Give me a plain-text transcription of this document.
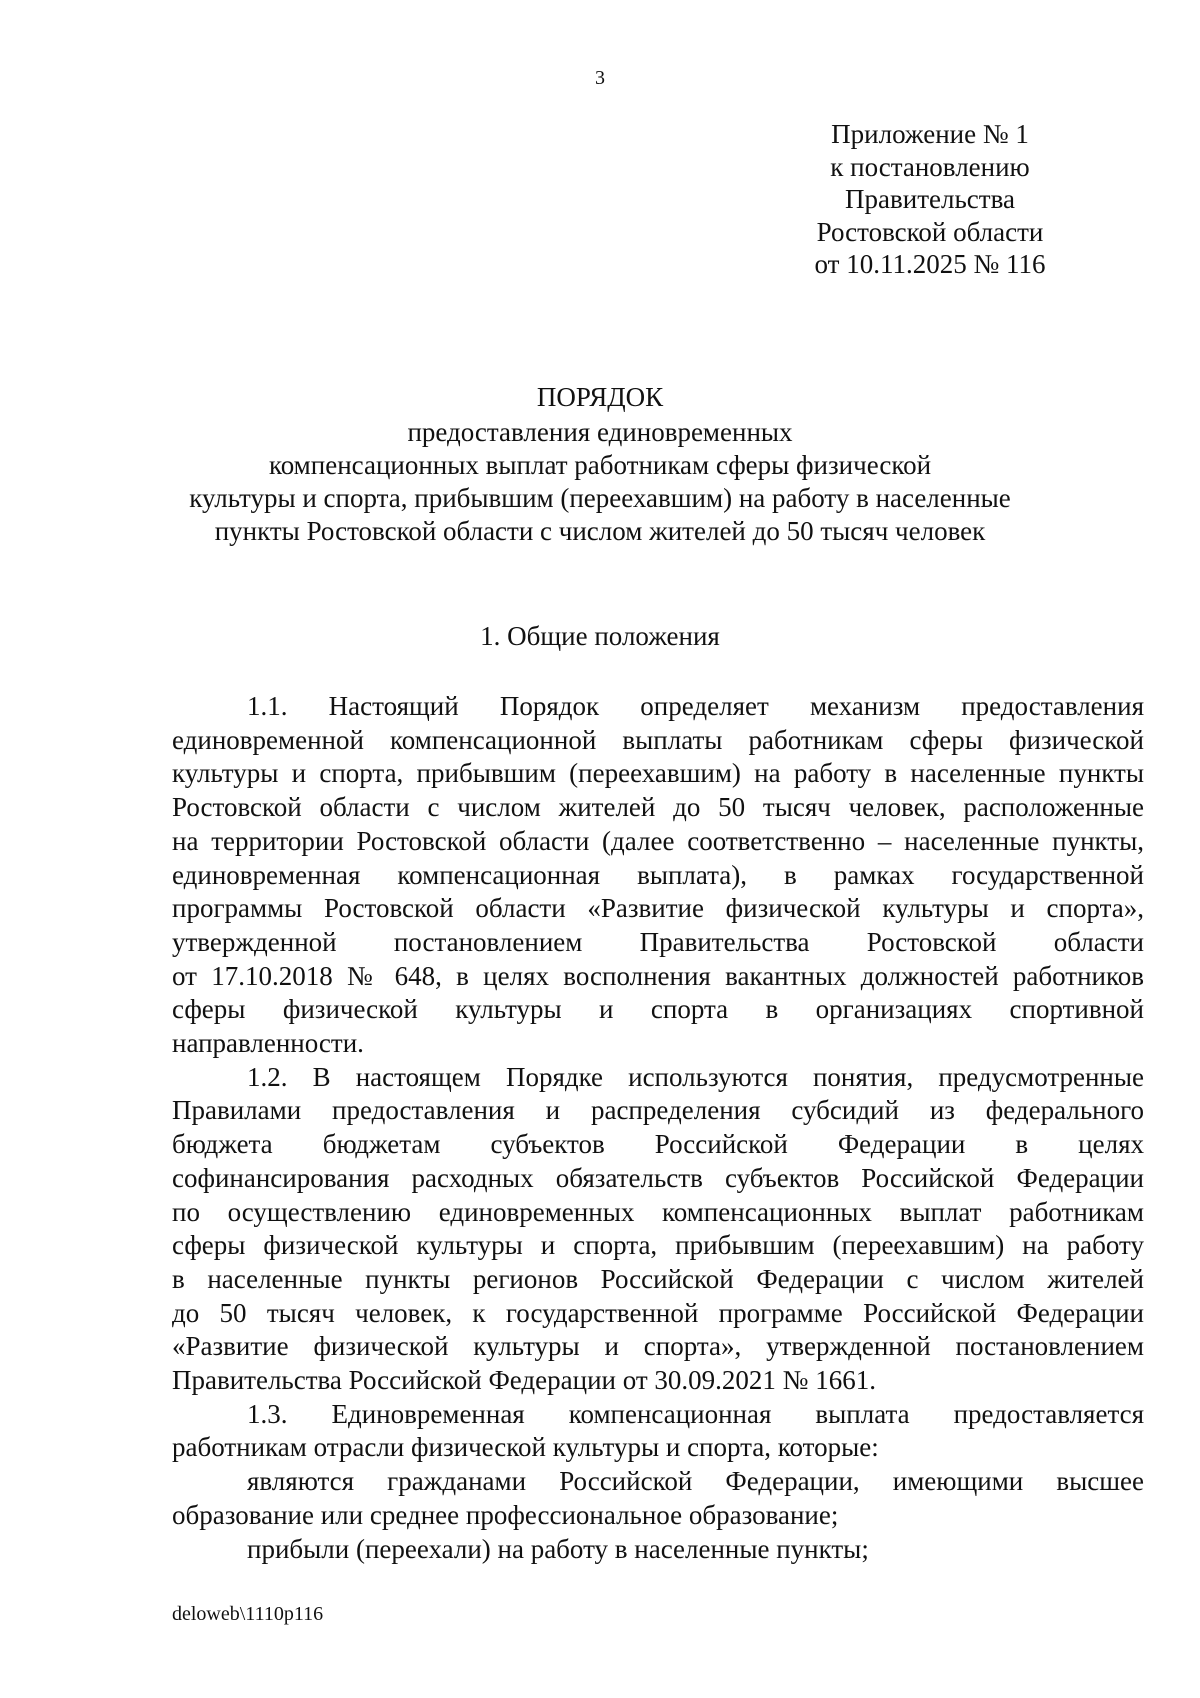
3
Приложение № 1
к постановлению
Правительства
Ростовской области
от 10.11.2025 № 116
ПОРЯДОК
предоставления единовременных
компенсационных выплат работникам сферы физической
культуры и спорта, прибывшим (переехавшим) на работу в населенные
пункты Ростовской области с числом жителей до 50 тысяч человек
1. Общие положения
1.1. Настоящий Порядок определяет механизм предоставления
единовременной компенсационной выплаты работникам сферы физической
культуры и спорта, прибывшим (переехавшим) на работу в населенные пункты
Ростовской области с числом жителей до 50 тысяч человек, расположенные
на территории Ростовской области (далее соответственно – населенные пункты,
единовременная компенсационная выплата), в рамках государственной
программы Ростовской области «Развитие физической культуры и спорта»,
утвержденной постановлением Правительства Ростовской области
от 17.10.2018 № 648, в целях восполнения вакантных должностей работников
сферы физической культуры и спорта в организациях спортивной
направленности.
1.2. В настоящем Порядке используются понятия, предусмотренные
Правилами предоставления и распределения субсидий из федерального
бюджета бюджетам субъектов Российской Федерации в целях
софинансирования расходных обязательств субъектов Российской Федерации
по осуществлению единовременных компенсационных выплат работникам
сферы физической культуры и спорта, прибывшим (переехавшим) на работу
в населенные пункты регионов Российской Федерации с числом жителей
до 50 тысяч человек, к государственной программе Российской Федерации
«Развитие физической культуры и спорта», утвержденной постановлением
Правительства Российской Федерации от 30.09.2021 № 1661.
1.3. Единовременная компенсационная выплата предоставляется
работникам отрасли физической культуры и спорта, которые:
являются гражданами Российской Федерации, имеющими высшее
образование или среднее профессиональное образование;
прибыли (переехали) на работу в населенные пункты;
deloweb\1110p116
